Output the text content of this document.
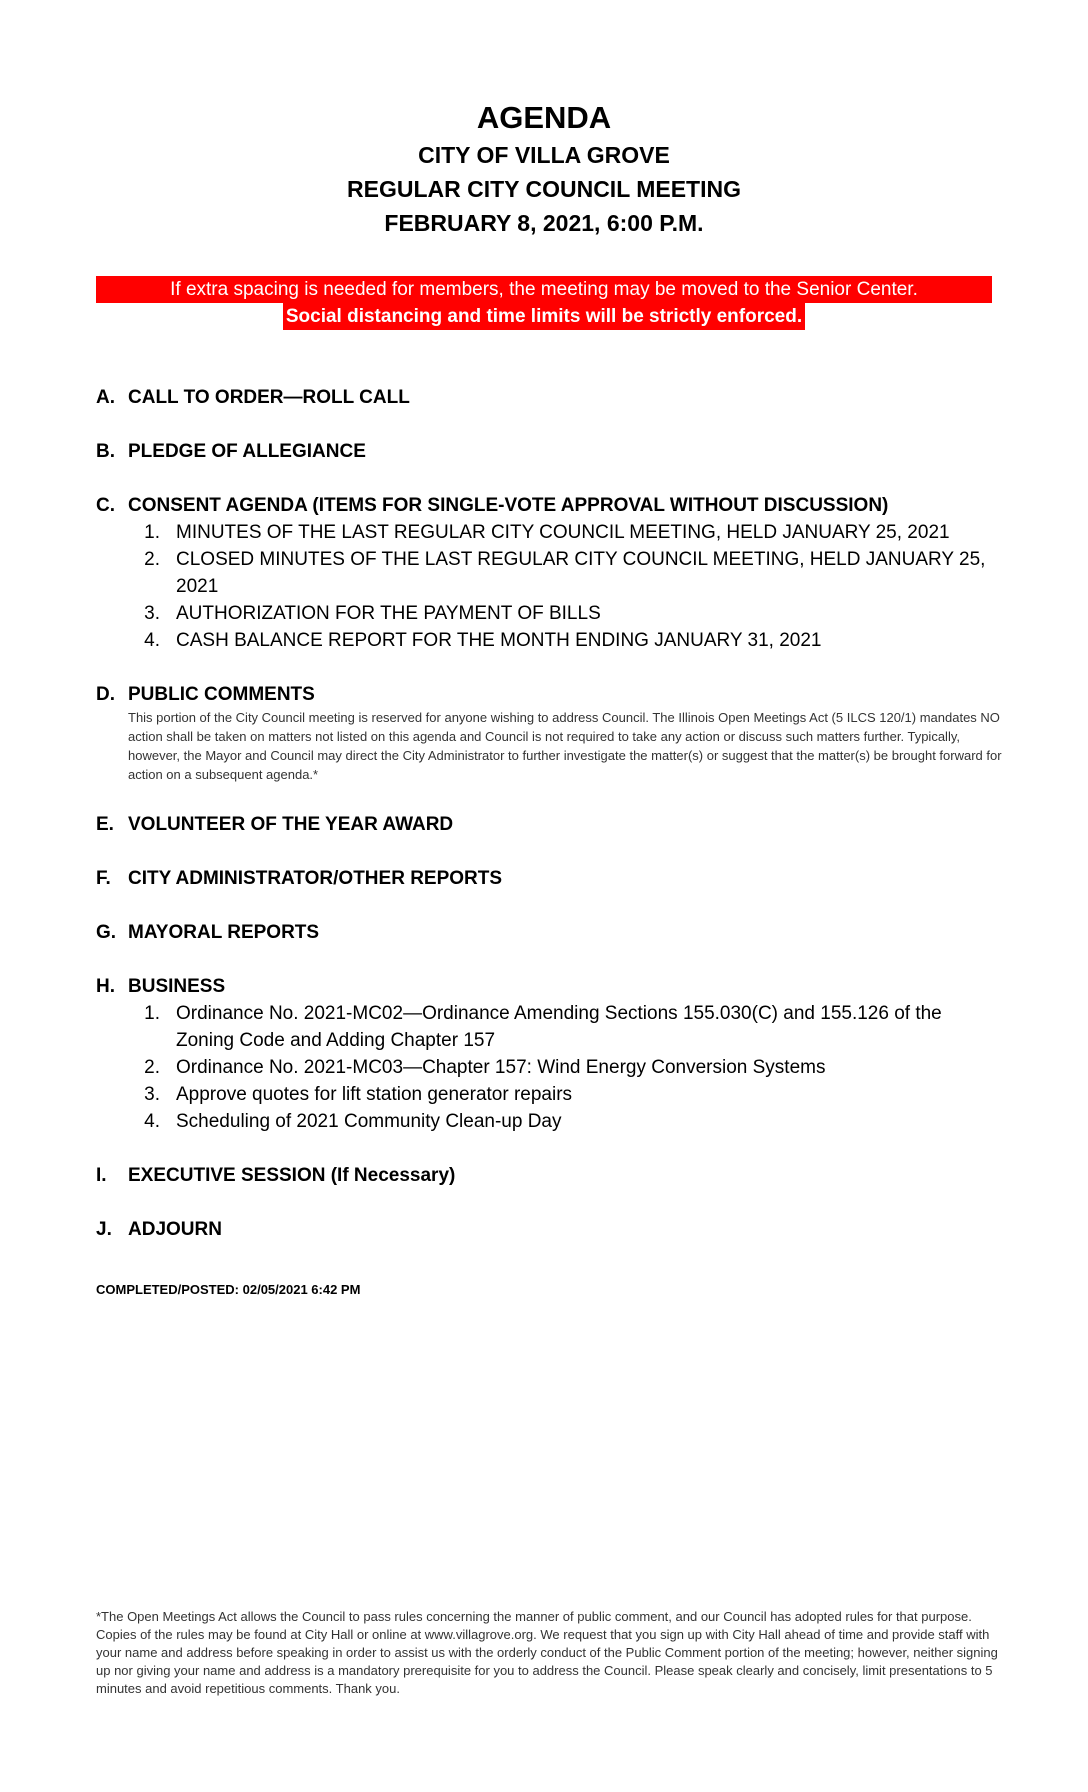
AGENDA

CITY OF VILLA GROVE

REGULAR CITY COUNCIL MEETING

FEBRUARY 8, 2021, 6:00 P.M.

If extra spacing is needed for members, the meeting may be moved to the Senior Center.
Social distancing and time limits will be strictly enforced.
A. CALL TO ORDER—ROLL CALL
B. PLEDGE OF ALLEGIANCE
C. CONSENT AGENDA (ITEMS FOR SINGLE-VOTE APPROVAL WITHOUT DISCUSSION)
1. MINUTES OF THE LAST REGULAR CITY COUNCIL MEETING, HELD JANUARY 25, 2021
2. CLOSED MINUTES OF THE LAST REGULAR CITY COUNCIL MEETING, HELD JANUARY 25, 2021
3. AUTHORIZATION FOR THE PAYMENT OF BILLS
4. CASH BALANCE REPORT FOR THE MONTH ENDING JANUARY 31, 2021
D. PUBLIC COMMENTS

This portion of the City Council meeting is reserved for anyone wishing to address Council. The Illinois Open Meetings Act (5 ILCS 120/1) mandates NO action shall be taken on matters not listed on this agenda and Council is not required to take any action or discuss such matters further. Typically, however, the Mayor and Council may direct the City Administrator to further investigate the matter(s) or suggest that the matter(s) be brought forward for action on a subsequent agenda.*

E. VOLUNTEER OF THE YEAR AWARD
F. CITY ADMINISTRATOR/OTHER REPORTS
G. MAYORAL REPORTS
H. BUSINESS
1. Ordinance No. 2021-MC02—Ordinance Amending Sections 155.030(C) and 155.126 of the Zoning Code and Adding Chapter 157
2. Ordinance No. 2021-MC03—Chapter 157: Wind Energy Conversion Systems
3. Approve quotes for lift station generator repairs
4. Scheduling of 2021 Community Clean-up Day
I.	EXECUTIVE SESSION (If Necessary)
J. ADJOURN
COMPLETED/POSTED: 02/05/2021 6:42 PM
*The Open Meetings Act allows the Council to pass rules concerning the manner of public comment, and our Council has adopted rules for that purpose. Copies of the rules may be found at City Hall or online at www.villagrove.org. We request that you sign up with City Hall ahead of time and provide staff with your name and address before speaking in order to assist us with the orderly conduct of the Public Comment portion of the meeting; however, neither signing up nor giving your name and address is a mandatory prerequisite for you to address the Council. Please speak clearly and concisely, limit presentations to 5 minutes and avoid repetitious comments. Thank you.
